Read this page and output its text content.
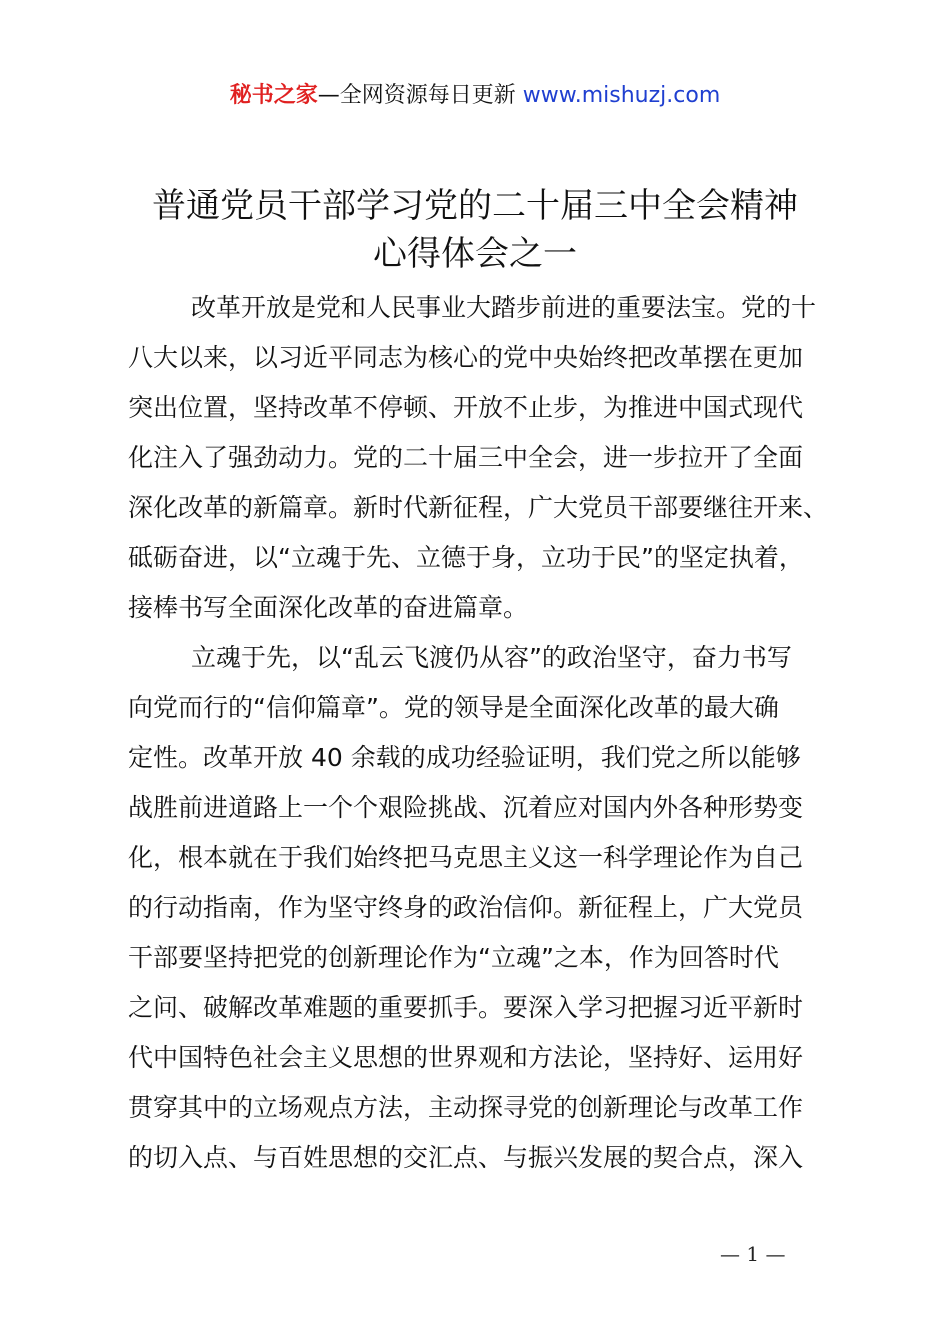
秘书之家—全网资源每日更新 www.mishuzj.com
普通党员干部学习党的二十届三中全会精神
心得体会之一
改革开放是党和人民事业大踏步前进的重要法宝。党的十
八大以来，以习近平同志为核心的党中央始终把改革摆在更加
突出位置，坚持改革不停顿、开放不止步，为推进中国式现代
化注入了强劲动力。党的二十届三中全会，进一步拉开了全面
深化改革的新篇章。新时代新征程，广大党员干部要继往开来、
砥砺奋进，以“立魂于先、立德于身，立功于民”的坚定执着，
接棒书写全面深化改革的奋进篇章。
立魂于先，以“乱云飞渡仍从容”的政治坚守，奋力书写
向党而行的“信仰篇章”。党的领导是全面深化改革的最大确
定性。改革开放 40 余载的成功经验证明，我们党之所以能够
战胜前进道路上一个个艰险挑战、沉着应对国内外各种形势变
化，根本就在于我们始终把马克思主义这一科学理论作为自己
的行动指南，作为坚守终身的政治信仰。新征程上，广大党员
干部要坚持把党的创新理论作为“立魂”之本，作为回答时代
之问、破解改革难题的重要抓手。要深入学习把握习近平新时
代中国特色社会主义思想的世界观和方法论，坚持好、运用好
贯穿其中的立场观点方法，主动探寻党的创新理论与改革工作
的切入点、与百姓思想的交汇点、与振兴发展的契合点，深入
— 1 —
